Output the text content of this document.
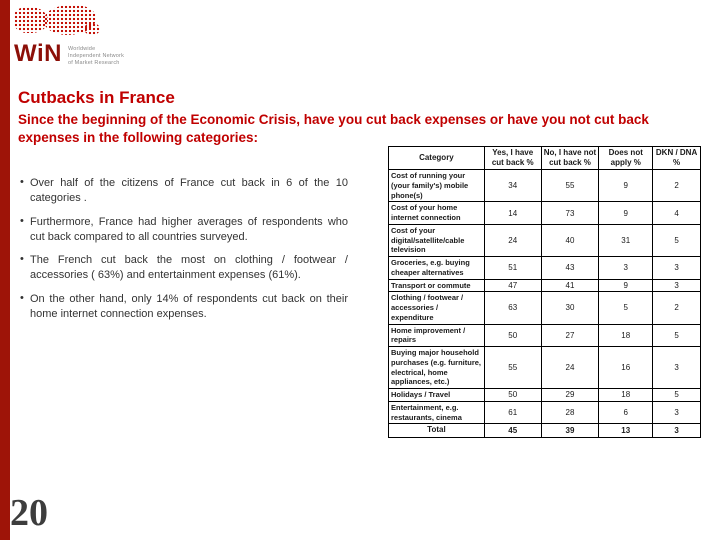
WiN Worldwide
Independent Network
of Market Research
Cutbacks in France

Since the beginning of the Economic Crisis, have you cut back expenses or have you not cut back expenses in the following categories:

• Over half of the citizens of France cut back in 6 of the 10 categories .
• Furthermore, France had higher averages of respondents who cut back compared to all countries surveyed.
• The French cut back the most on clothing / footwear / accessories ( 63%) and entertainment expenses (61%).
• On the other hand, only 14% of respondents cut back on their home internet connection expenses.
Category	Yes, I have cut back %	No, I have not cut back %	Does not apply %	DKN / DNA %
Cost of running your (your family's) mobile phone(s)	34	55	9	2
Cost of your home internet connection	14	73	9	4
Cost of your digital/satellite/cable television	24	40	31	5
Groceries, e.g. buying cheaper alternatives	51	43	3	3
Transport or commute	47	41	9	3
Clothing / footwear / accessories / expenditure	63	30	5	2
Home improvement / repairs	50	27	18	5
Buying major household purchases (e.g. furniture, electrical, home appliances, etc.)	55	24	16	3
Holidays / Travel	50	29	18	5
Entertainment, e.g. restaurants, cinema	61	28	6	3
Total	45	39	13	3
20
